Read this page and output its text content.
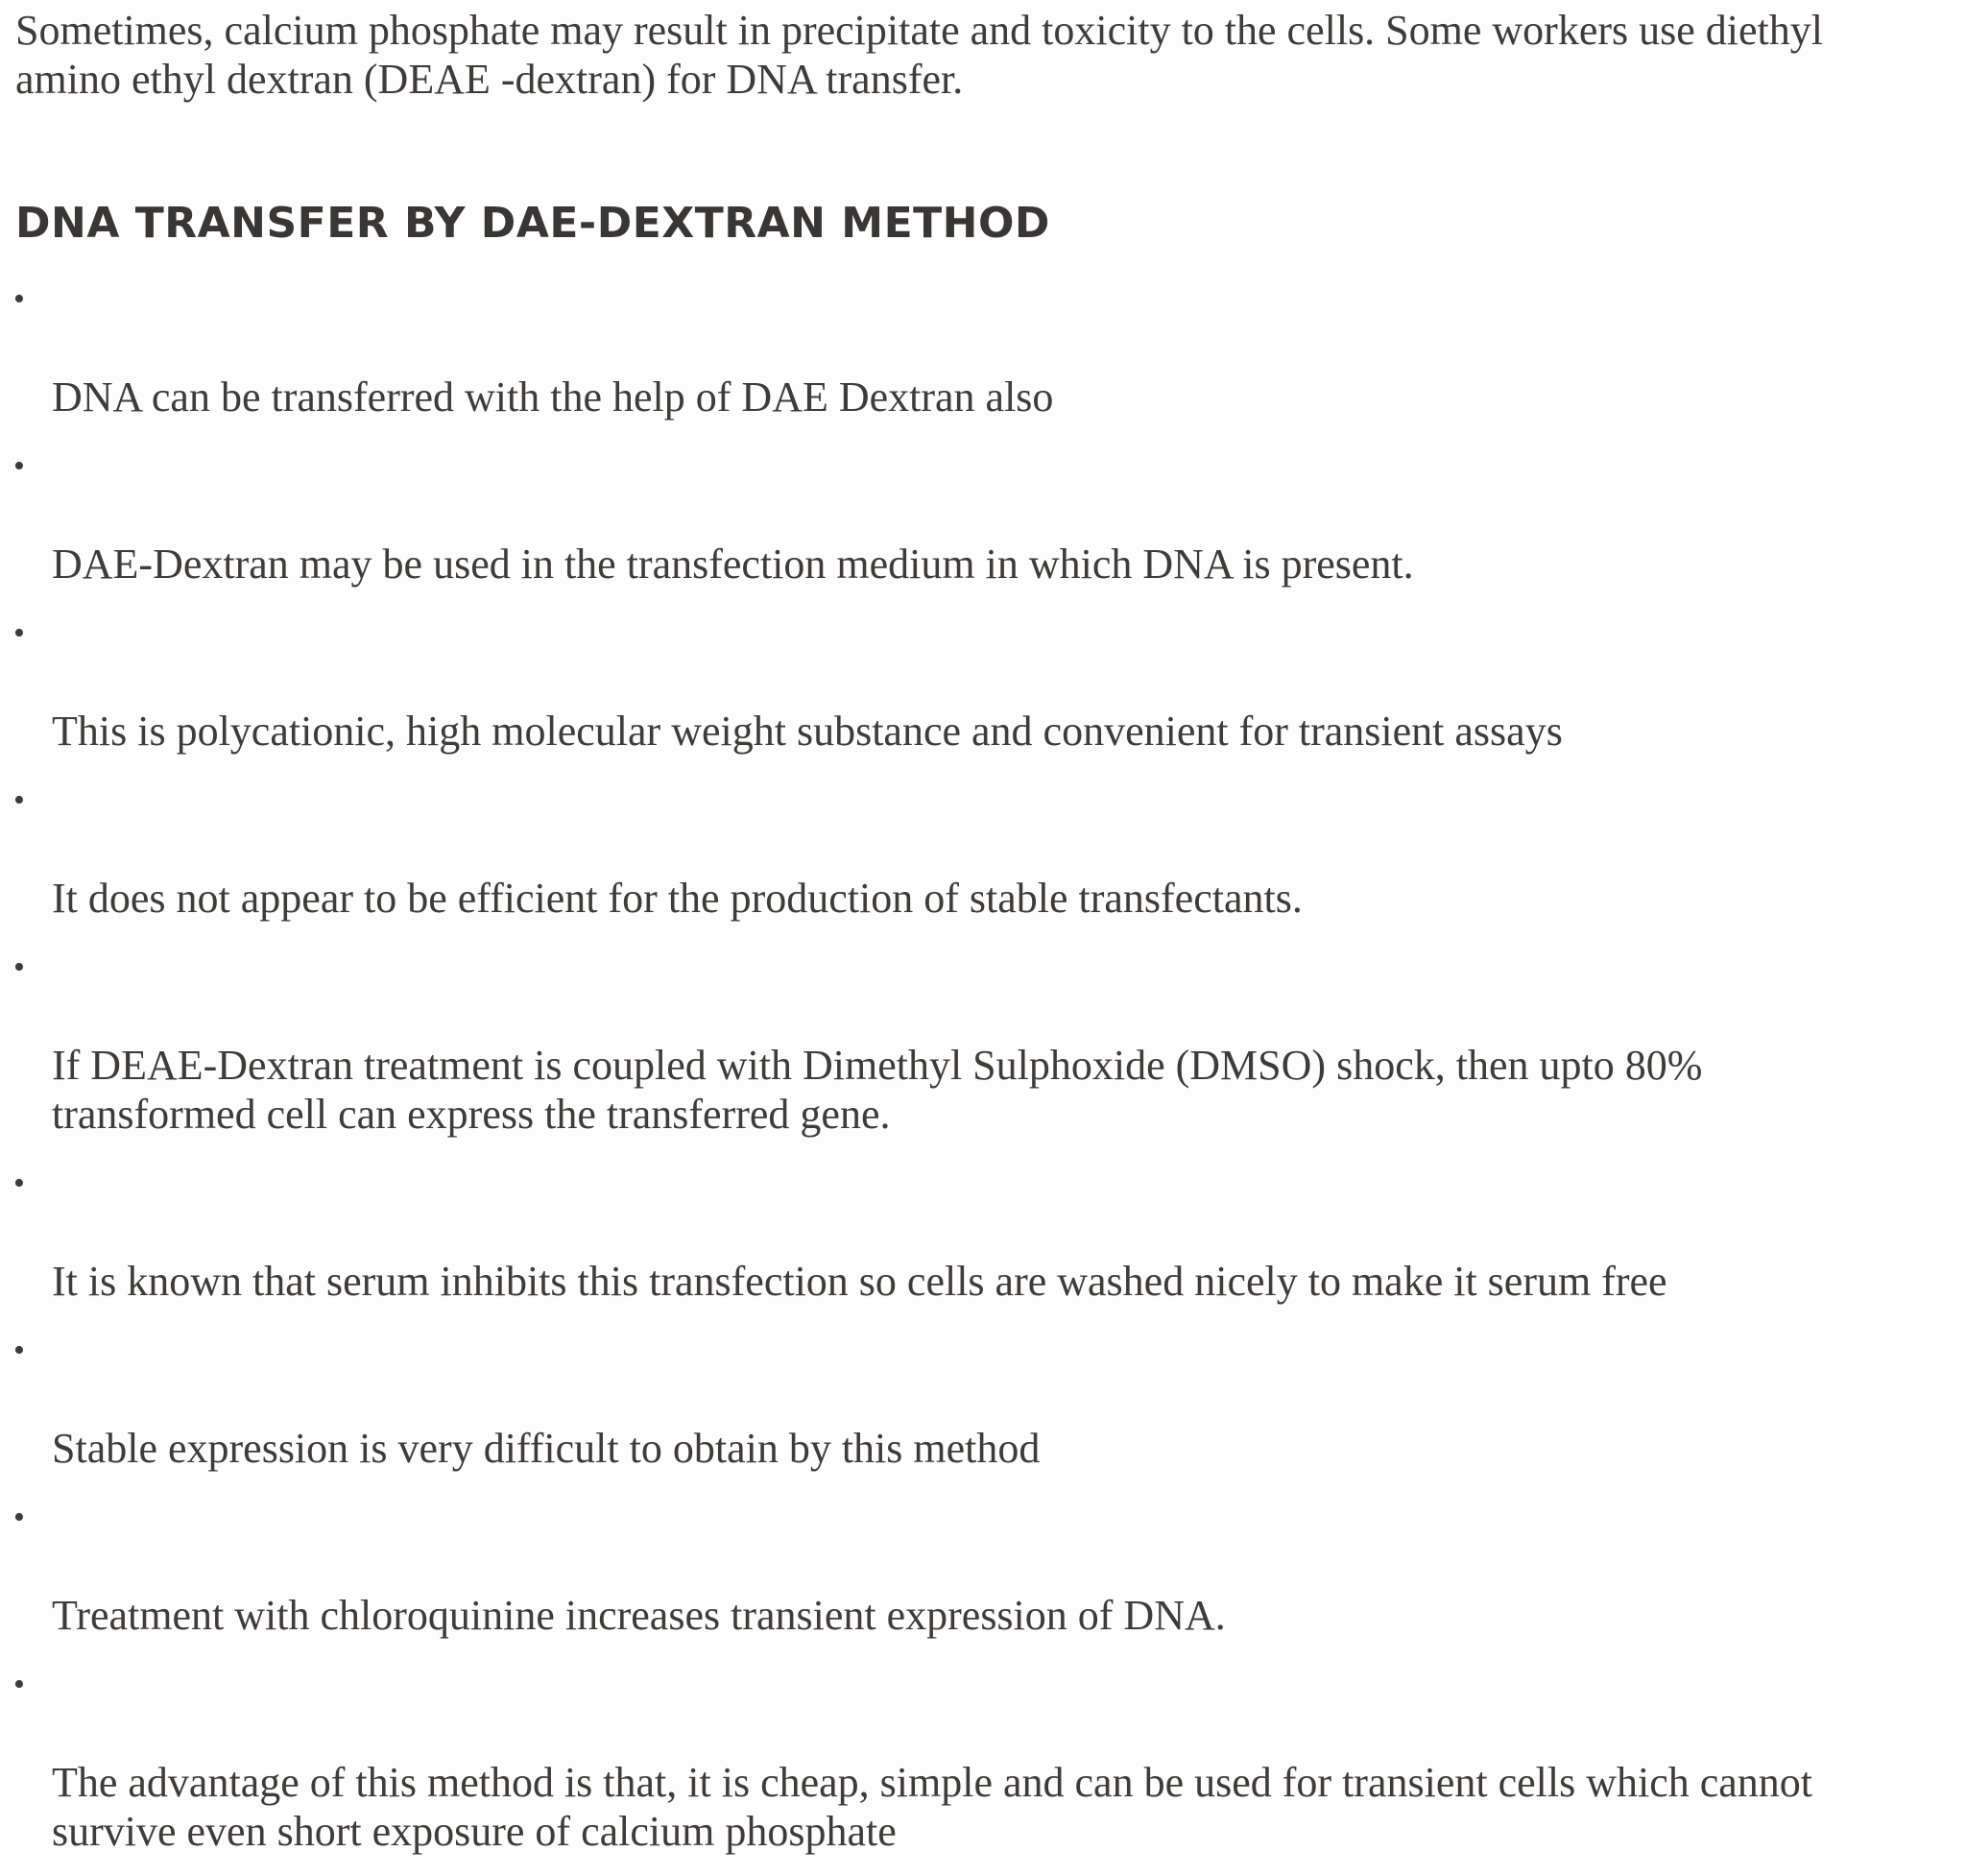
Sometimes, calcium phosphate may result in precipitate and toxicity to the cells. Some workers use diethyl
amino ethyl dextran (DEAE -dextran) for DNA transfer.

DNA TRANSFER BY DAE-DEXTRAN METHOD

•

DNA can be transferred with the help of DAE Dextran also

•

DAE-Dextran may be used in the transfection medium in which DNA is present.

•

This is polycationic, high molecular weight substance and convenient for transient assays

•

It does not appear to be efficient for the production of stable transfectants.

•

If DEAE-Dextran treatment is coupled with Dimethyl Sulphoxide (DMSO) shock, then upto 80%
transformed cell can express the transferred gene.

•

It is known that serum inhibits this transfection so cells are washed nicely to make it serum free

•

Stable expression is very difficult to obtain by this method

•

Treatment with chloroquinine increases transient expression of DNA.

•

The advantage of this method is that, it is cheap, simple and can be used for transient cells which cannot
survive even short exposure of calcium phosphate
